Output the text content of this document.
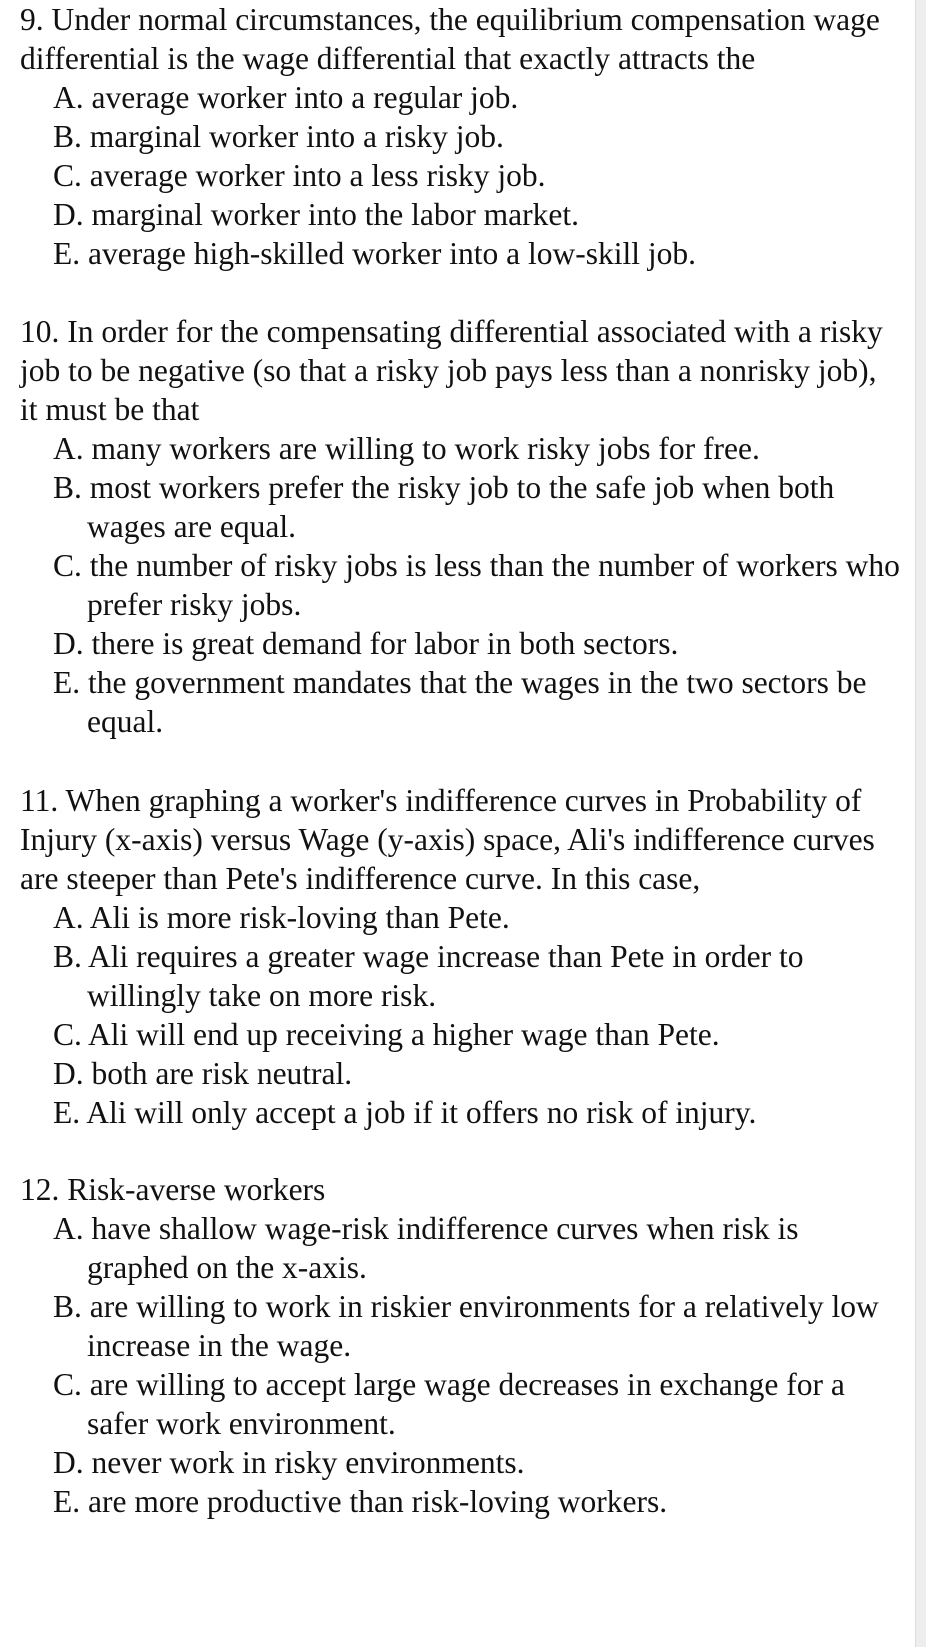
9. Under normal circumstances, the equilibrium compensation wage differential is the wage differential that exactly attracts the

A. average worker into a regular job.
B. marginal worker into a risky job.
C. average worker into a less risky job.
D. marginal worker into the labor market.
E. average high-skilled worker into a low-skill job.

10. In order for the compensating differential associated with a risky job to be negative (so that a risky job pays less than a nonrisky job), it must be that

A. many workers are willing to work risky jobs for free.
B. most workers prefer the risky job to the safe job when both wages are equal.
C. the number of risky jobs is less than the number of workers who prefer risky jobs.
D. there is great demand for labor in both sectors.
E. the government mandates that the wages in the two sectors be equal.

11. When graphing a worker's indifference curves in Probability of Injury (x-axis) versus Wage (y-axis) space, Ali's indifference curves are steeper than Pete's indifference curve. In this case,

A. Ali is more risk-loving than Pete.
B. Ali requires a greater wage increase than Pete in order to willingly take on more risk.
C. Ali will end up receiving a higher wage than Pete.
D. both are risk neutral.
E. Ali will only accept a job if it offers no risk of injury.

12. Risk-averse workers

A. have shallow wage-risk indifference curves when risk is graphed on the x-axis.
B. are willing to work in riskier environments for a relatively low increase in the wage.
C. are willing to accept large wage decreases in exchange for a safer work environment.
D. never work in risky environments.
E. are more productive than risk-loving workers.
